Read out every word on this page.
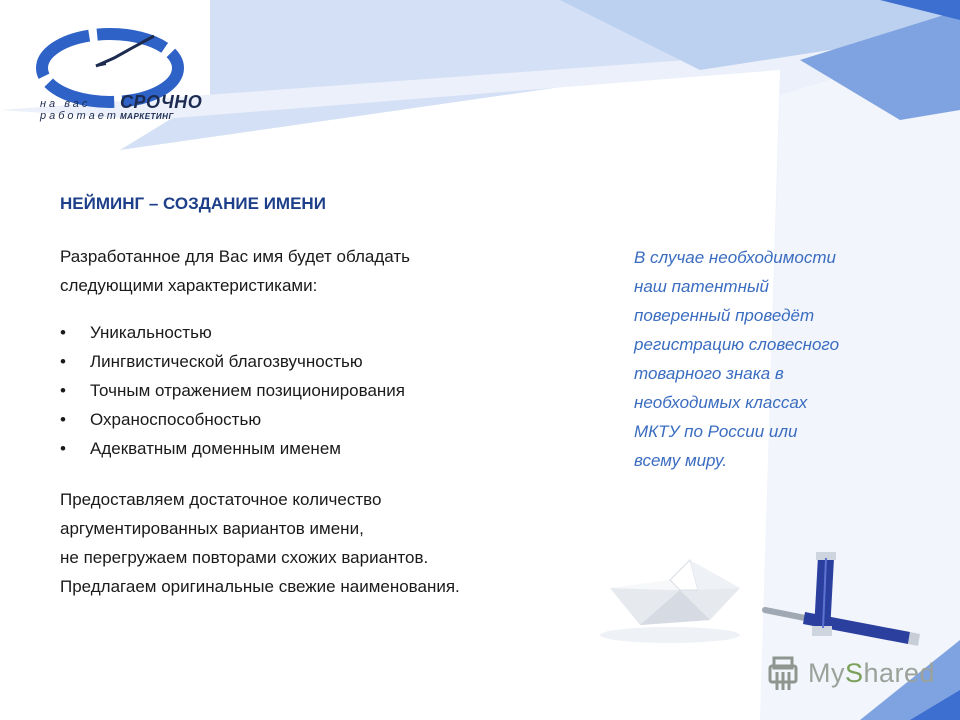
на вас
работает
СРОЧНО
МАРКЕТИНГ
НЕЙМИНГ – СОЗДАНИЕ ИМЕНИ
Разработанное для Вас имя будет обладать
следующими характеристиками:
• Уникальностью
• Лингвистической благозвучностью
• Точным отражением позиционирования
• Охраноспособностью
• Адекватным доменным именем
Предоставляем достаточное количество
аргументированных вариантов имени,
не перегружаем повторами схожих вариантов.
Предлагаем оригинальные свежие наименования.
В случае необходимости
наш патентный
поверенный проведёт
регистрацию словесного
товарного знака в
необходимых классах
МКТУ по России или
всему миру.
MyShared
